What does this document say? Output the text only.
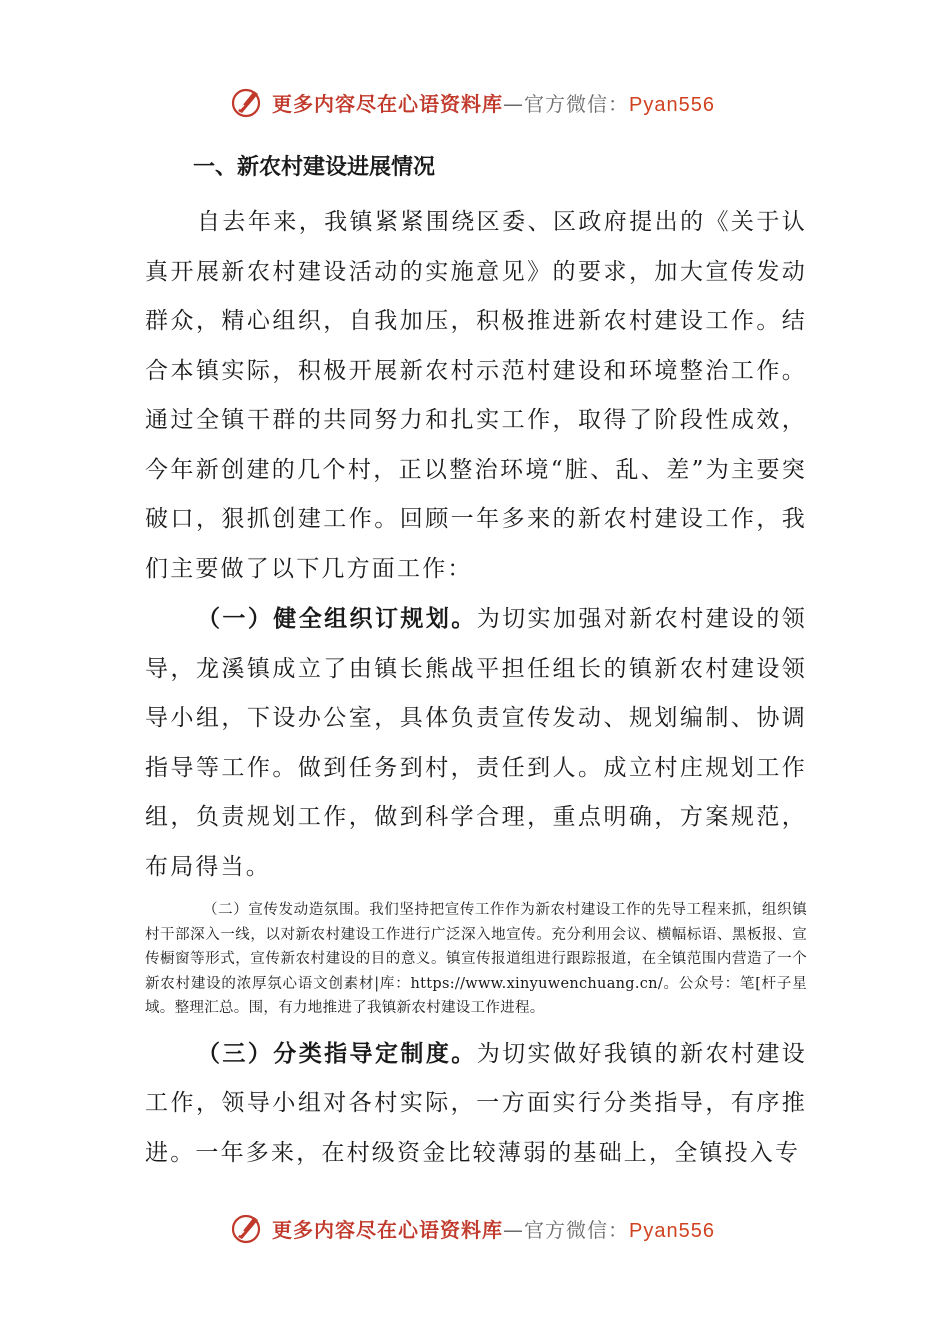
更多内容尽在心语资料库—官方微信：Pyan556
一、新农村建设进展情况

自去年来，我镇紧紧围绕区委、区政府提出的《关于认真开展新农村建设活动的实施意见》的要求，加大宣传发动群众，精心组织，自我加压，积极推进新农村建设工作。结合本镇实际，积极开展新农村示范村建设和环境整治工作。通过全镇干群的共同努力和扎实工作，取得了阶段性成效，今年新创建的几个村，正以整治环境“脏、乱、差”为主要突破口，狠抓创建工作。回顾一年多来的新农村建设工作，我们主要做了以下几方面工作：

（一）健全组织订规划。为切实加强对新农村建设的领导，龙溪镇成立了由镇长熊战平担任组长的镇新农村建设领导小组，下设办公室，具体负责宣传发动、规划编制、协调指导等工作。做到任务到村，责任到人。成立村庄规划工作组，负责规划工作，做到科学合理，重点明确，方案规范，布局得当。

（二）宣传发动造氛围。我们坚持把宣传工作作为新农村建设工作的先导工程来抓，组织镇村干部深入一线，以对新农村建设工作进行广泛深入地宣传。充分利用会议、横幅标语、黑板报、宣传橱窗等形式，宣传新农村建设的目的意义。镇宣传报道组进行跟踪报道，在全镇范围内营造了一个新农村建设的浓厚氛心语文创素材|库：https://www.xinyuwenchuang.cn/。公众号：笔[杆子星域。整理汇总。围，有力地推进了我镇新农村建设工作进程。

（三）分类指导定制度。为切实做好我镇的新农村建设工作，领导小组对各村实际，一方面实行分类指导，有序推进。一年多来，在村级资金比较薄弱的基础上，全镇投入专

更多内容尽在心语资料库—官方微信：Pyan556
